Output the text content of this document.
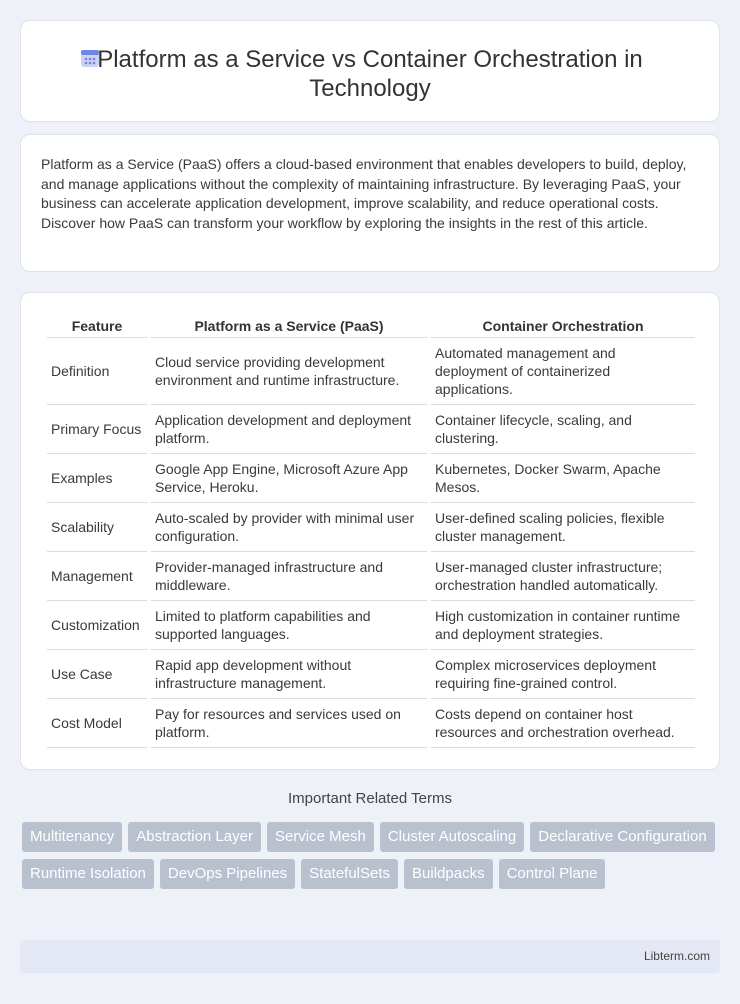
Platform as a Service vs Container Orchestration in
Technology

Platform as a Service (PaaS) offers a cloud-based environment that enables developers to build, deploy, and manage applications without the complexity of maintaining infrastructure. By leveraging PaaS, your business can accelerate application development, improve scalability, and reduce operational costs. Discover how PaaS can transform your workflow by exploring the insights in the rest of this article.

Feature	Platform as a Service (PaaS)	Container Orchestration
Definition	Cloud service providing development environment and runtime infrastructure.	Automated management and deployment of containerized applications.
Primary Focus	Application development and deployment platform.	Container lifecycle, scaling, and clustering.
Examples	Google App Engine, Microsoft Azure App Service, Heroku.	Kubernetes, Docker Swarm, Apache Mesos.
Scalability	Auto-scaled by provider with minimal user configuration.	User-defined scaling policies, flexible cluster management.
Management	Provider-managed infrastructure and middleware.	User-managed cluster infrastructure; orchestration handled automatically.
Customization	Limited to platform capabilities and supported languages.	High customization in container runtime and deployment strategies.
Use Case	Rapid app development without infrastructure management.	Complex microservices deployment requiring fine-grained control.
Cost Model	Pay for resources and services used on platform.	Costs depend on container host resources and orchestration overhead.
Important Related Terms
Multitenancy	Abstraction Layer	Service Mesh	Cluster Autoscaling	Declarative Configuration
Runtime Isolation	DevOps Pipelines	StatefulSets	Buildpacks	Control Plane
Libterm.com
